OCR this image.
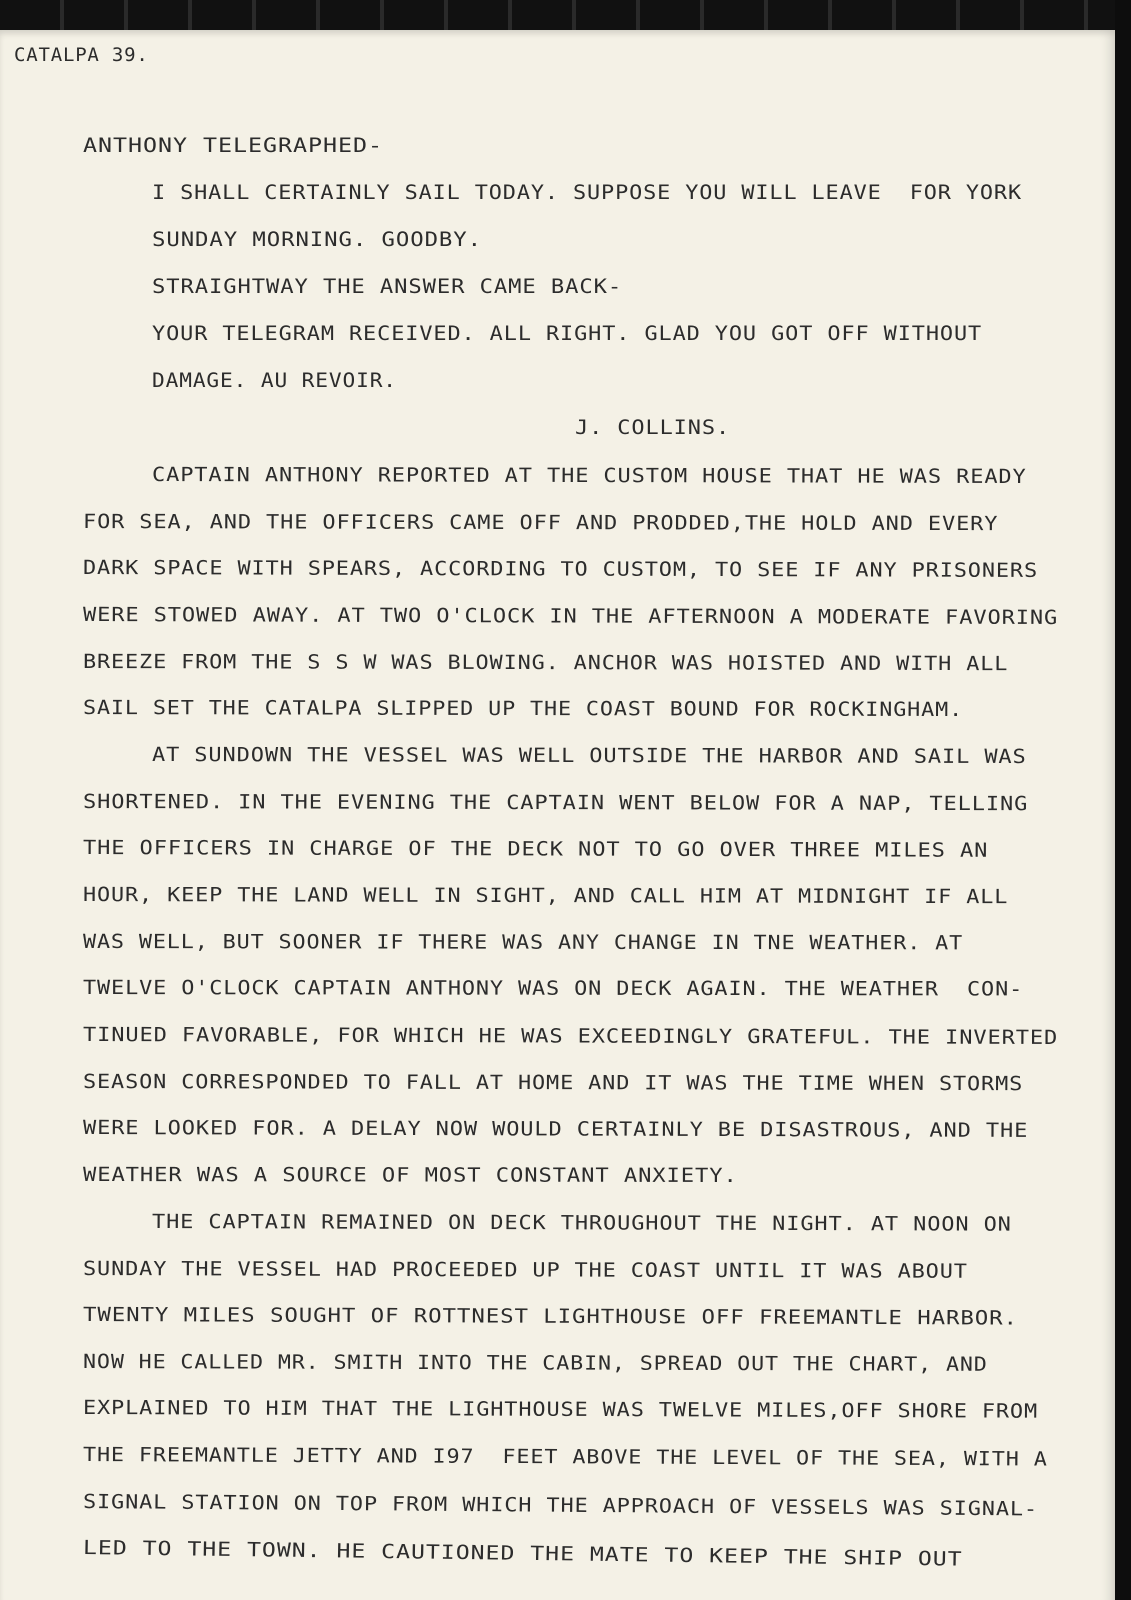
CATALPA 39.
ANTHONY TELEGRAPHED-
I SHALL CERTAINLY SAIL TODAY. SUPPOSE YOU WILL LEAVE  FOR YORK
SUNDAY MORNING. GOODBY.
STRAIGHTWAY THE ANSWER CAME BACK-
YOUR TELEGRAM RECEIVED. ALL RIGHT. GLAD YOU GOT OFF WITHOUT
DAMAGE. AU REVOIR.
J. COLLINS.
CAPTAIN ANTHONY REPORTED AT THE CUSTOM HOUSE THAT HE WAS READY
FOR SEA, AND THE OFFICERS CAME OFF AND PRODDED,THE HOLD AND EVERY
DARK SPACE WITH SPEARS, ACCORDING TO CUSTOM, TO SEE IF ANY PRISONERS
WERE STOWED AWAY. AT TWO O'CLOCK IN THE AFTERNOON A MODERATE FAVORING
BREEZE FROM THE S S W WAS BLOWING. ANCHOR WAS HOISTED AND WITH ALL
SAIL SET THE CATALPA SLIPPED UP THE COAST BOUND FOR ROCKINGHAM.
AT SUNDOWN THE VESSEL WAS WELL OUTSIDE THE HARBOR AND SAIL WAS
SHORTENED. IN THE EVENING THE CAPTAIN WENT BELOW FOR A NAP, TELLING
THE OFFICERS IN CHARGE OF THE DECK NOT TO GO OVER THREE MILES AN
HOUR, KEEP THE LAND WELL IN SIGHT, AND CALL HIM AT MIDNIGHT IF ALL
WAS WELL, BUT SOONER IF THERE WAS ANY CHANGE IN TNE WEATHER. AT
TWELVE O'CLOCK CAPTAIN ANTHONY WAS ON DECK AGAIN. THE WEATHER  CON-
TINUED FAVORABLE, FOR WHICH HE WAS EXCEEDINGLY GRATEFUL. THE INVERTED
SEASON CORRESPONDED TO FALL AT HOME AND IT WAS THE TIME WHEN STORMS
WERE LOOKED FOR. A DELAY NOW WOULD CERTAINLY BE DISASTROUS, AND THE
WEATHER WAS A SOURCE OF MOST CONSTANT ANXIETY.
THE CAPTAIN REMAINED ON DECK THROUGHOUT THE NIGHT. AT NOON ON
SUNDAY THE VESSEL HAD PROCEEDED UP THE COAST UNTIL IT WAS ABOUT
TWENTY MILES SOUGHT OF ROTTNEST LIGHTHOUSE OFF FREEMANTLE HARBOR.
NOW HE CALLED MR. SMITH INTO THE CABIN, SPREAD OUT THE CHART, AND
EXPLAINED TO HIM THAT THE LIGHTHOUSE WAS TWELVE MILES,OFF SHORE FROM
THE FREEMANTLE JETTY AND I97  FEET ABOVE THE LEVEL OF THE SEA, WITH A
SIGNAL STATION ON TOP FROM WHICH THE APPROACH OF VESSELS WAS SIGNAL-
LED TO THE TOWN. HE CAUTIONED THE MATE TO KEEP THE SHIP OUT
